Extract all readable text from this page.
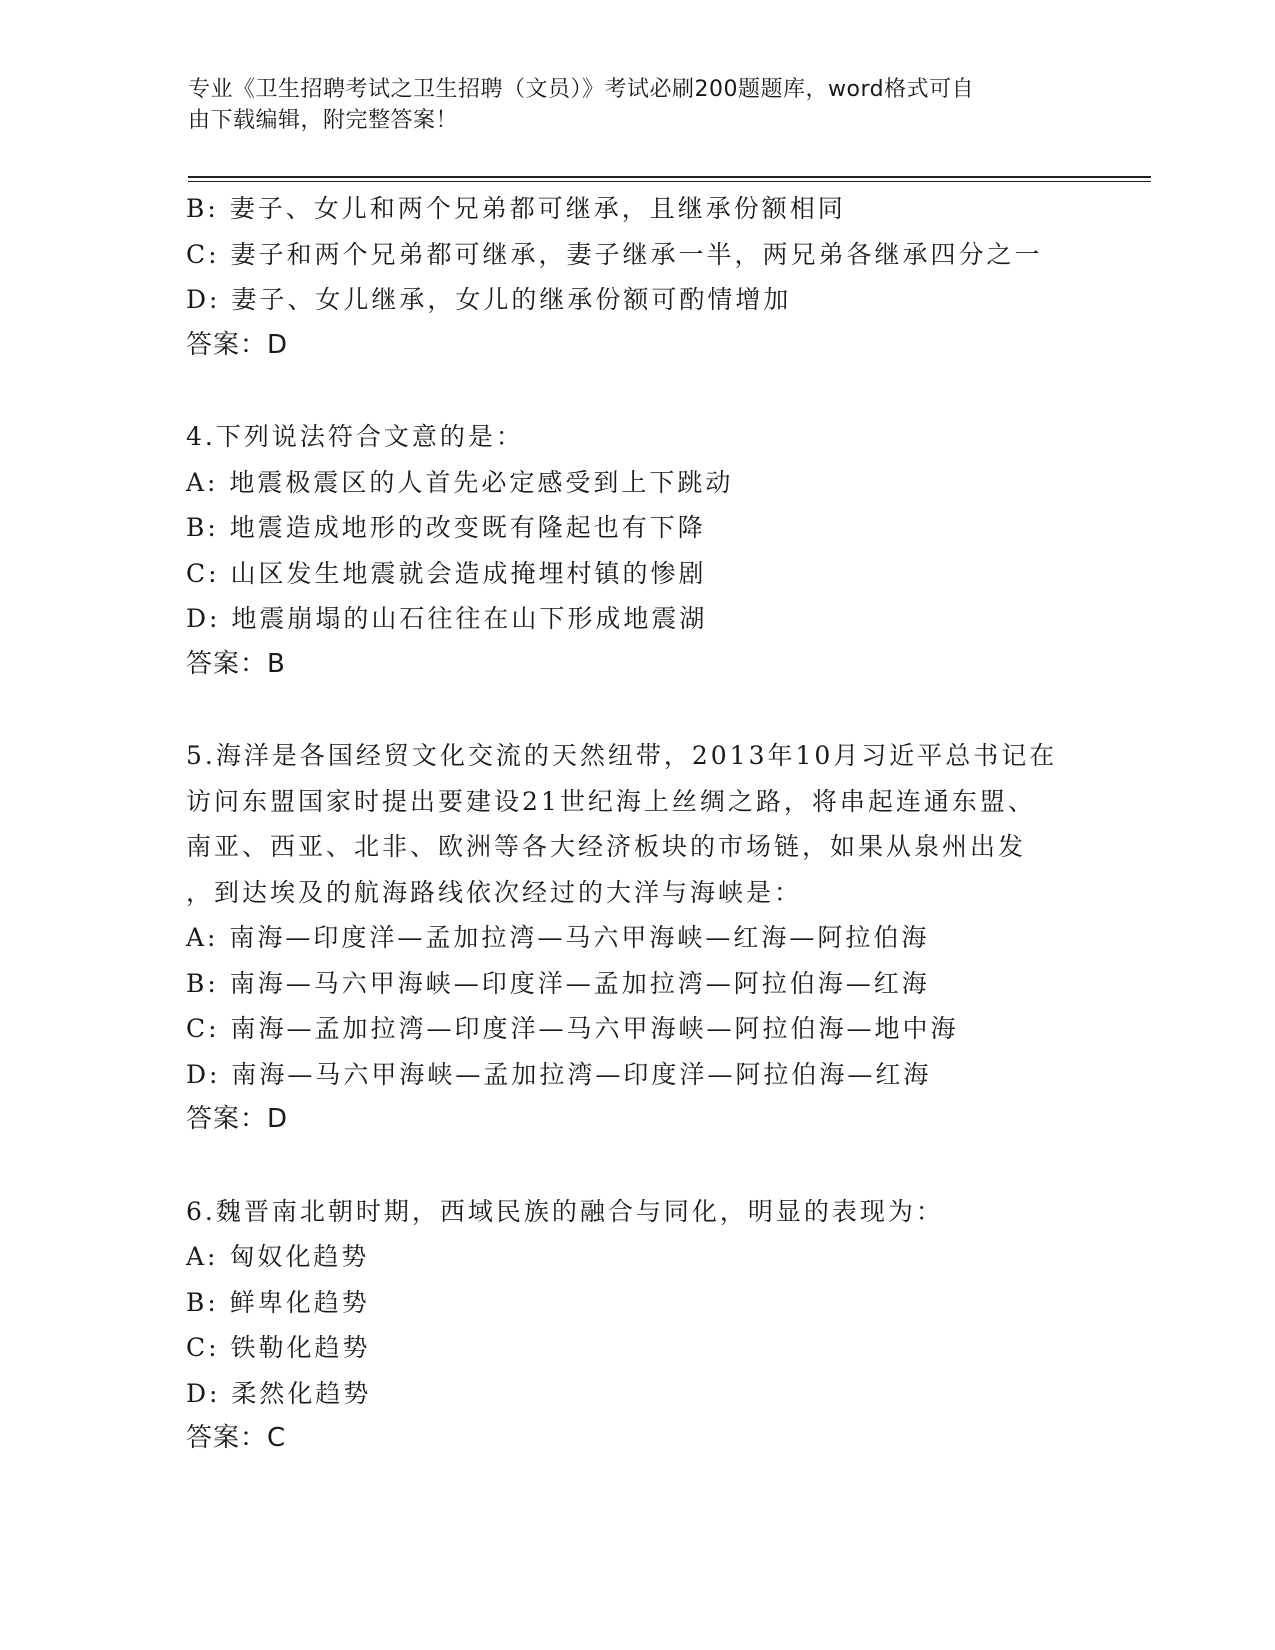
专业《卫生招聘考试之卫生招聘（文员）》考试必刷200题题库，word格式可自
由下载编辑，附完整答案！
B: 妻子、女儿和两个兄弟都可继承，且继承份额相同
C: 妻子和两个兄弟都可继承，妻子继承一半，两兄弟各继承四分之一
D: 妻子、女儿继承，女儿的继承份额可酌情增加
答案：D
4.下列说法符合文意的是：
A: 地震极震区的人首先必定感受到上下跳动
B: 地震造成地形的改变既有隆起也有下降
C: 山区发生地震就会造成掩埋村镇的惨剧
D: 地震崩塌的山石往往在山下形成地震湖
答案：B
5.海洋是各国经贸文化交流的天然纽带，2013年10月习近平总书记在
访问东盟国家时提出要建设21世纪海上丝绸之路，将串起连通东盟、
南亚、西亚、北非、欧洲等各大经济板块的市场链，如果从泉州出发
，到达埃及的航海路线依次经过的大洋与海峡是：
A: 南海—印度洋—孟加拉湾—马六甲海峡—红海—阿拉伯海
B: 南海—马六甲海峡—印度洋—孟加拉湾—阿拉伯海—红海
C: 南海—孟加拉湾—印度洋—马六甲海峡—阿拉伯海—地中海
D: 南海—马六甲海峡—孟加拉湾—印度洋—阿拉伯海—红海
答案：D
6.魏晋南北朝时期，西域民族的融合与同化，明显的表现为：
A: 匈奴化趋势
B: 鲜卑化趋势
C: 铁勒化趋势
D: 柔然化趋势
答案：C
